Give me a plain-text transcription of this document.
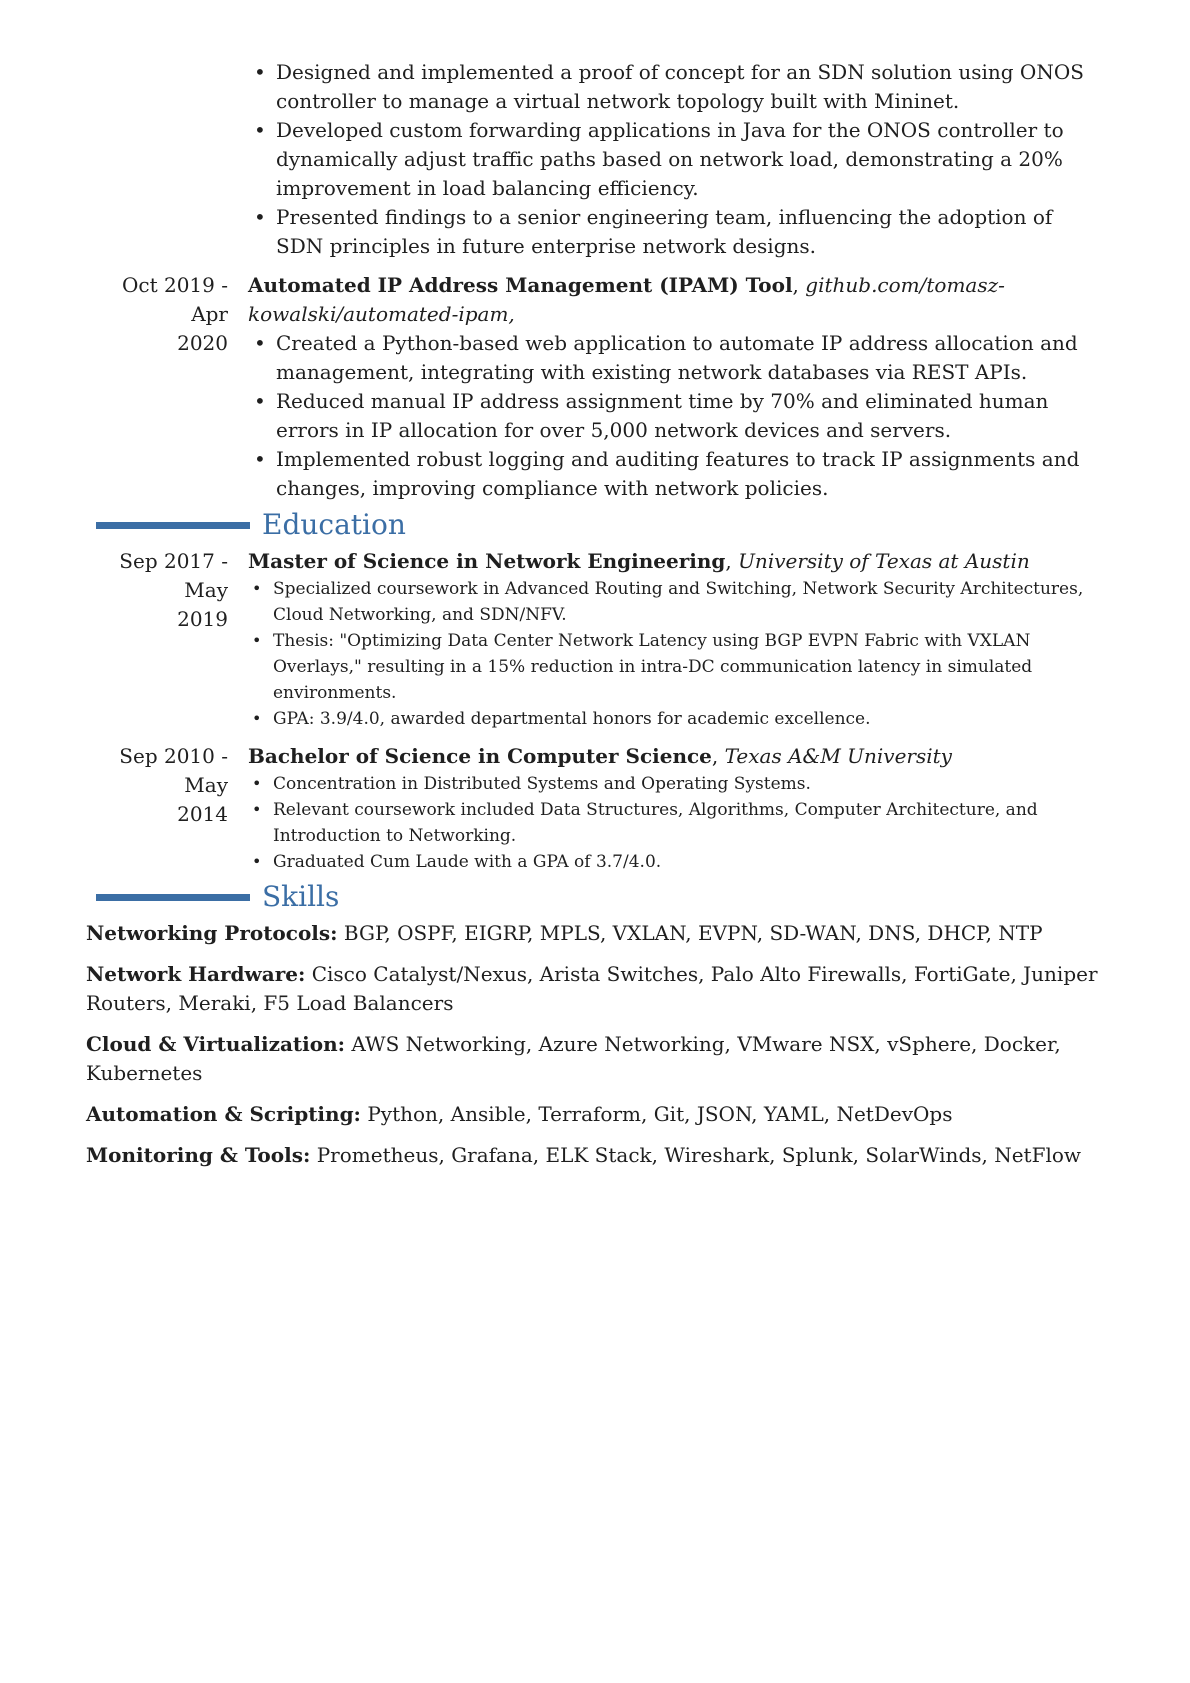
• Designed and implemented a proof of concept for an SDN solution using ONOS controller to manage a virtual network topology built with Mininet.
• Developed custom forwarding applications in Java for the ONOS controller to dynamically adjust traffic paths based on network load, demonstrating a 20% improvement in load balancing efficiency.
• Presented findings to a senior engineering team, influencing the adoption of SDN principles in future enterprise network designs.
Oct 2019 - Apr
2020
Automated IP Address Management (IPAM) Tool, github.com/tomasz-kowalski/automated-ipam,
• Created a Python-based web application to automate IP address allocation and management, integrating with existing network databases via REST APIs.
• Reduced manual IP address assignment time by 70% and eliminated human errors in IP allocation for over 5,000 network devices and servers.
• Implemented robust logging and auditing features to track IP assignments and changes, improving compliance with network policies.
Education
Sep 2017 - May
2019
Master of Science in Network Engineering, University of Texas at Austin
• Specialized coursework in Advanced Routing and Switching, Network Security Architectures, Cloud Networking, and SDN/NFV.
• Thesis: "Optimizing Data Center Network Latency using BGP EVPN Fabric with VXLAN Overlays," resulting in a 15% reduction in intra-DC communication latency in simulated environments.
• GPA: 3.9/4.0, awarded departmental honors for academic excellence.
Sep 2010 - May
2014
Bachelor of Science in Computer Science, Texas A&M University
• Concentration in Distributed Systems and Operating Systems.
• Relevant coursework included Data Structures, Algorithms, Computer Architecture, and Introduction to Networking.
• Graduated Cum Laude with a GPA of 3.7/4.0.
Skills
Networking Protocols: BGP, OSPF, EIGRP, MPLS, VXLAN, EVPN, SD-WAN, DNS, DHCP, NTP
Network Hardware: Cisco Catalyst/Nexus, Arista Switches, Palo Alto Firewalls, FortiGate, Juniper Routers, Meraki, F5 Load Balancers
Cloud & Virtualization: AWS Networking, Azure Networking, VMware NSX, vSphere, Docker, Kubernetes
Automation & Scripting: Python, Ansible, Terraform, Git, JSON, YAML, NetDevOps
Monitoring & Tools: Prometheus, Grafana, ELK Stack, Wireshark, Splunk, SolarWinds, NetFlow
